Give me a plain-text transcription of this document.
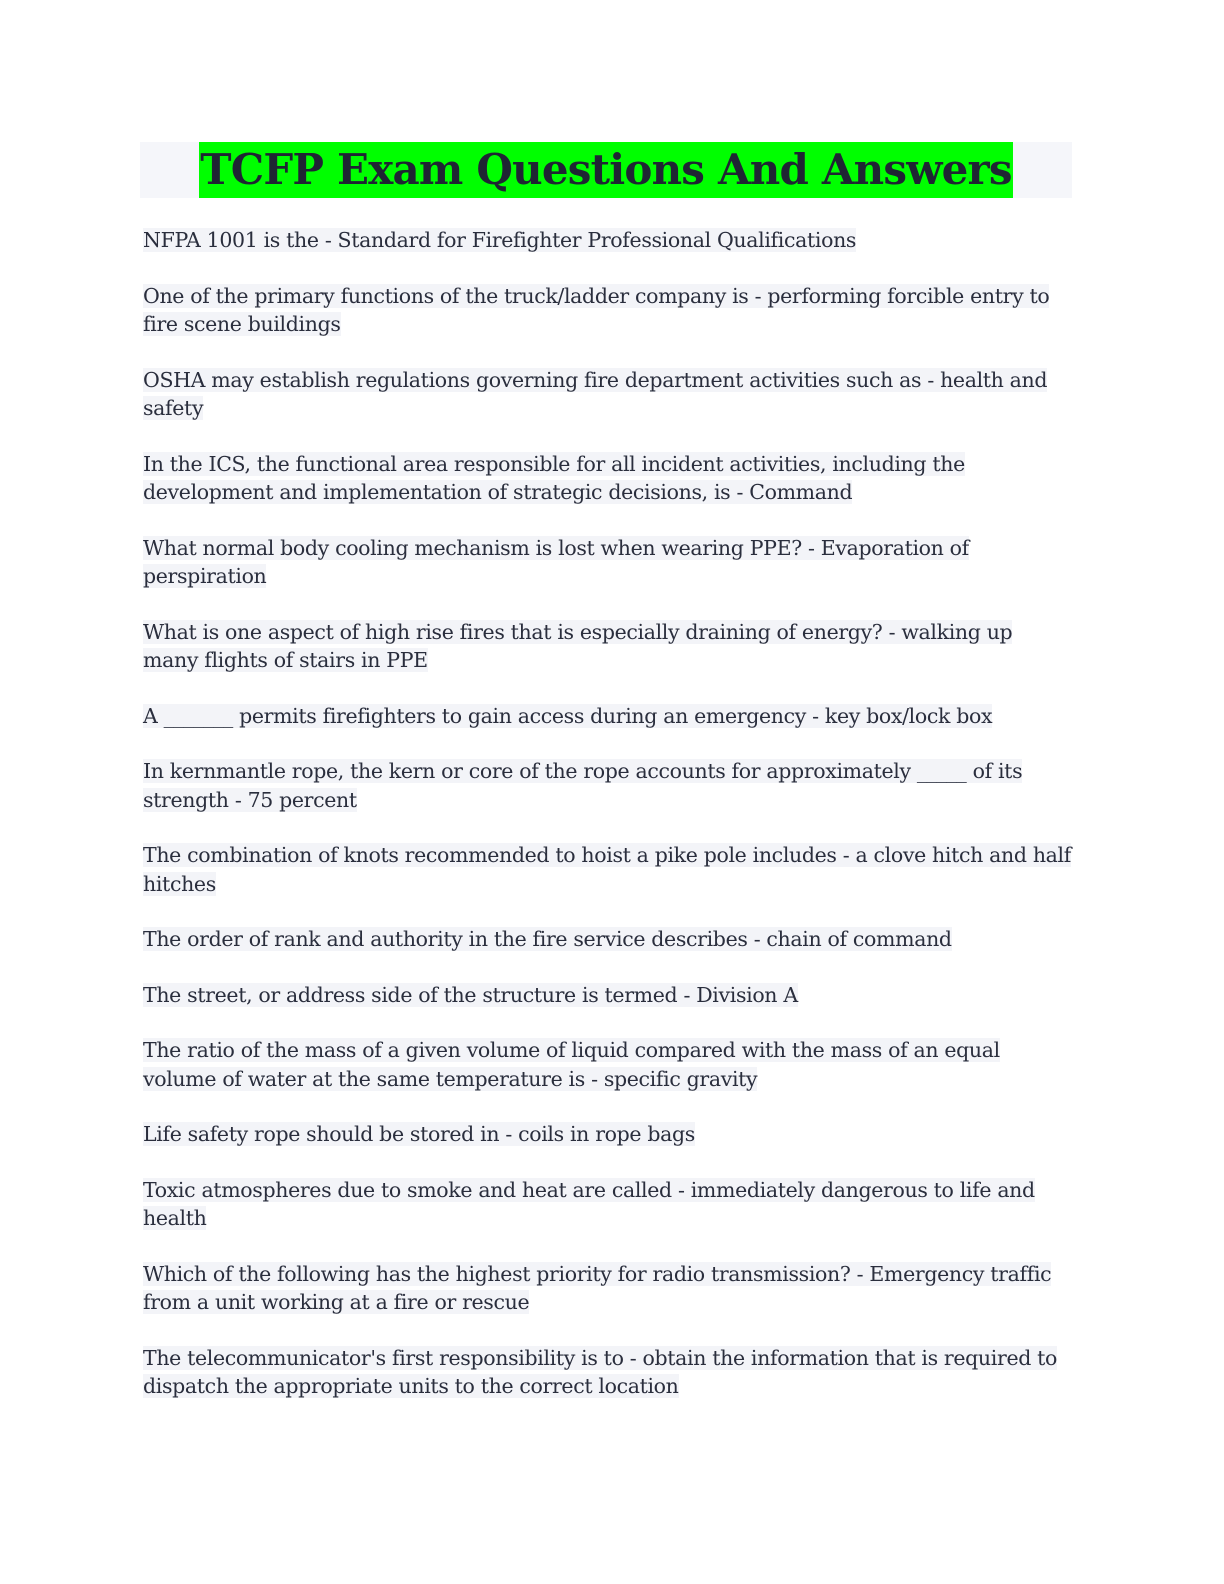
TCFP Exam Questions And Answers
NFPA 1001 is the - Standard for Firefighter Professional Qualifications
One of the primary functions of the truck/ladder company is - performing forcible entry to fire scene buildings
OSHA may establish regulations governing fire department activities such as - health and safety
In the ICS, the functional area responsible for all incident activities, including the development and implementation of strategic decisions, is - Command
What normal body cooling mechanism is lost when wearing PPE? - Evaporation of perspiration
What is one aspect of high rise fires that is especially draining of energy? - walking up many flights of stairs in PPE
A _______ permits firefighters to gain access during an emergency - key box/lock box
In kernmantle rope, the kern or core of the rope accounts for approximately _____ of its strength - 75 percent
The combination of knots recommended to hoist a pike pole includes - a clove hitch and half hitches
The order of rank and authority in the fire service describes - chain of command
The street, or address side of the structure is termed - Division A
The ratio of the mass of a given volume of liquid compared with the mass of an equal volume of water at the same temperature is - specific gravity
Life safety rope should be stored in - coils in rope bags
Toxic atmospheres due to smoke and heat are called - immediately dangerous to life and health
Which of the following has the highest priority for radio transmission? - Emergency traffic from a unit working at a fire or rescue
The telecommunicator's first responsibility is to - obtain the information that is required to dispatch the appropriate units to the correct location
